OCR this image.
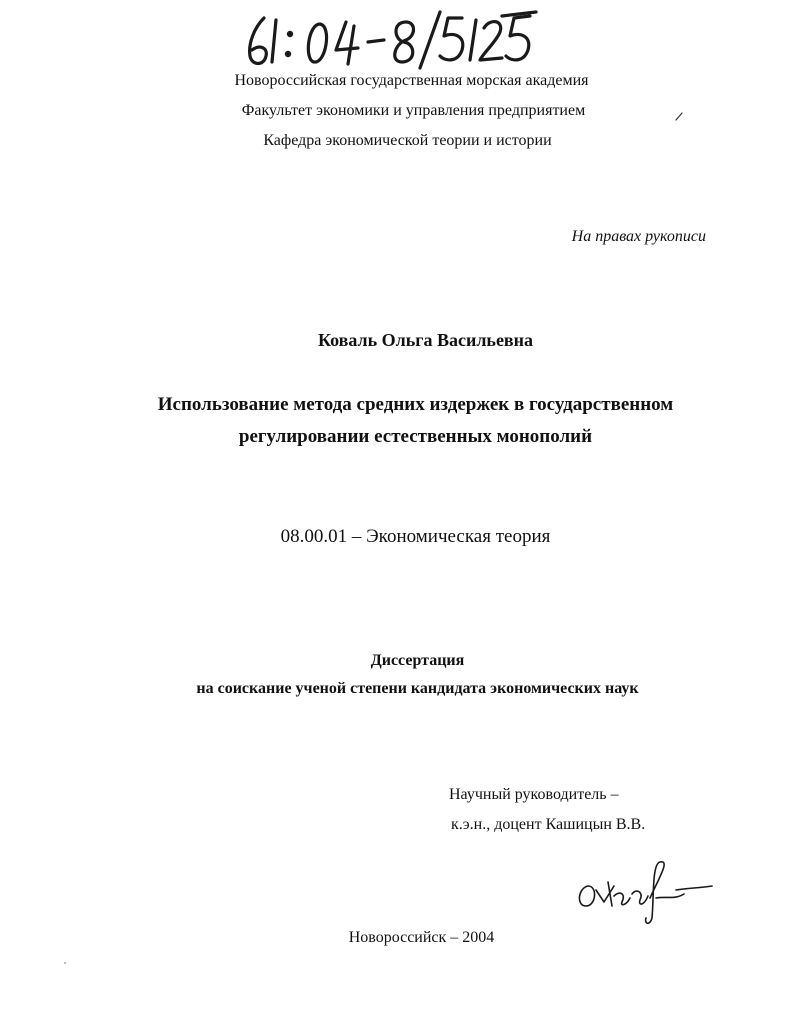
Новороссийская государственная морская академия
Факультет экономики и управления предприятием
Кафедра экономической теории и истории
На правах рукописи
Коваль Ольга Васильевна
Использование метода средних издержек в государственном
регулировании естественных монополий
08.00.01 – Экономическая теория
Диссертация
на соискание ученой степени кандидата экономических наук
Научный руководитель –
к.э.н., доцент Кашицын В.В.
Новороссийск – 2004
